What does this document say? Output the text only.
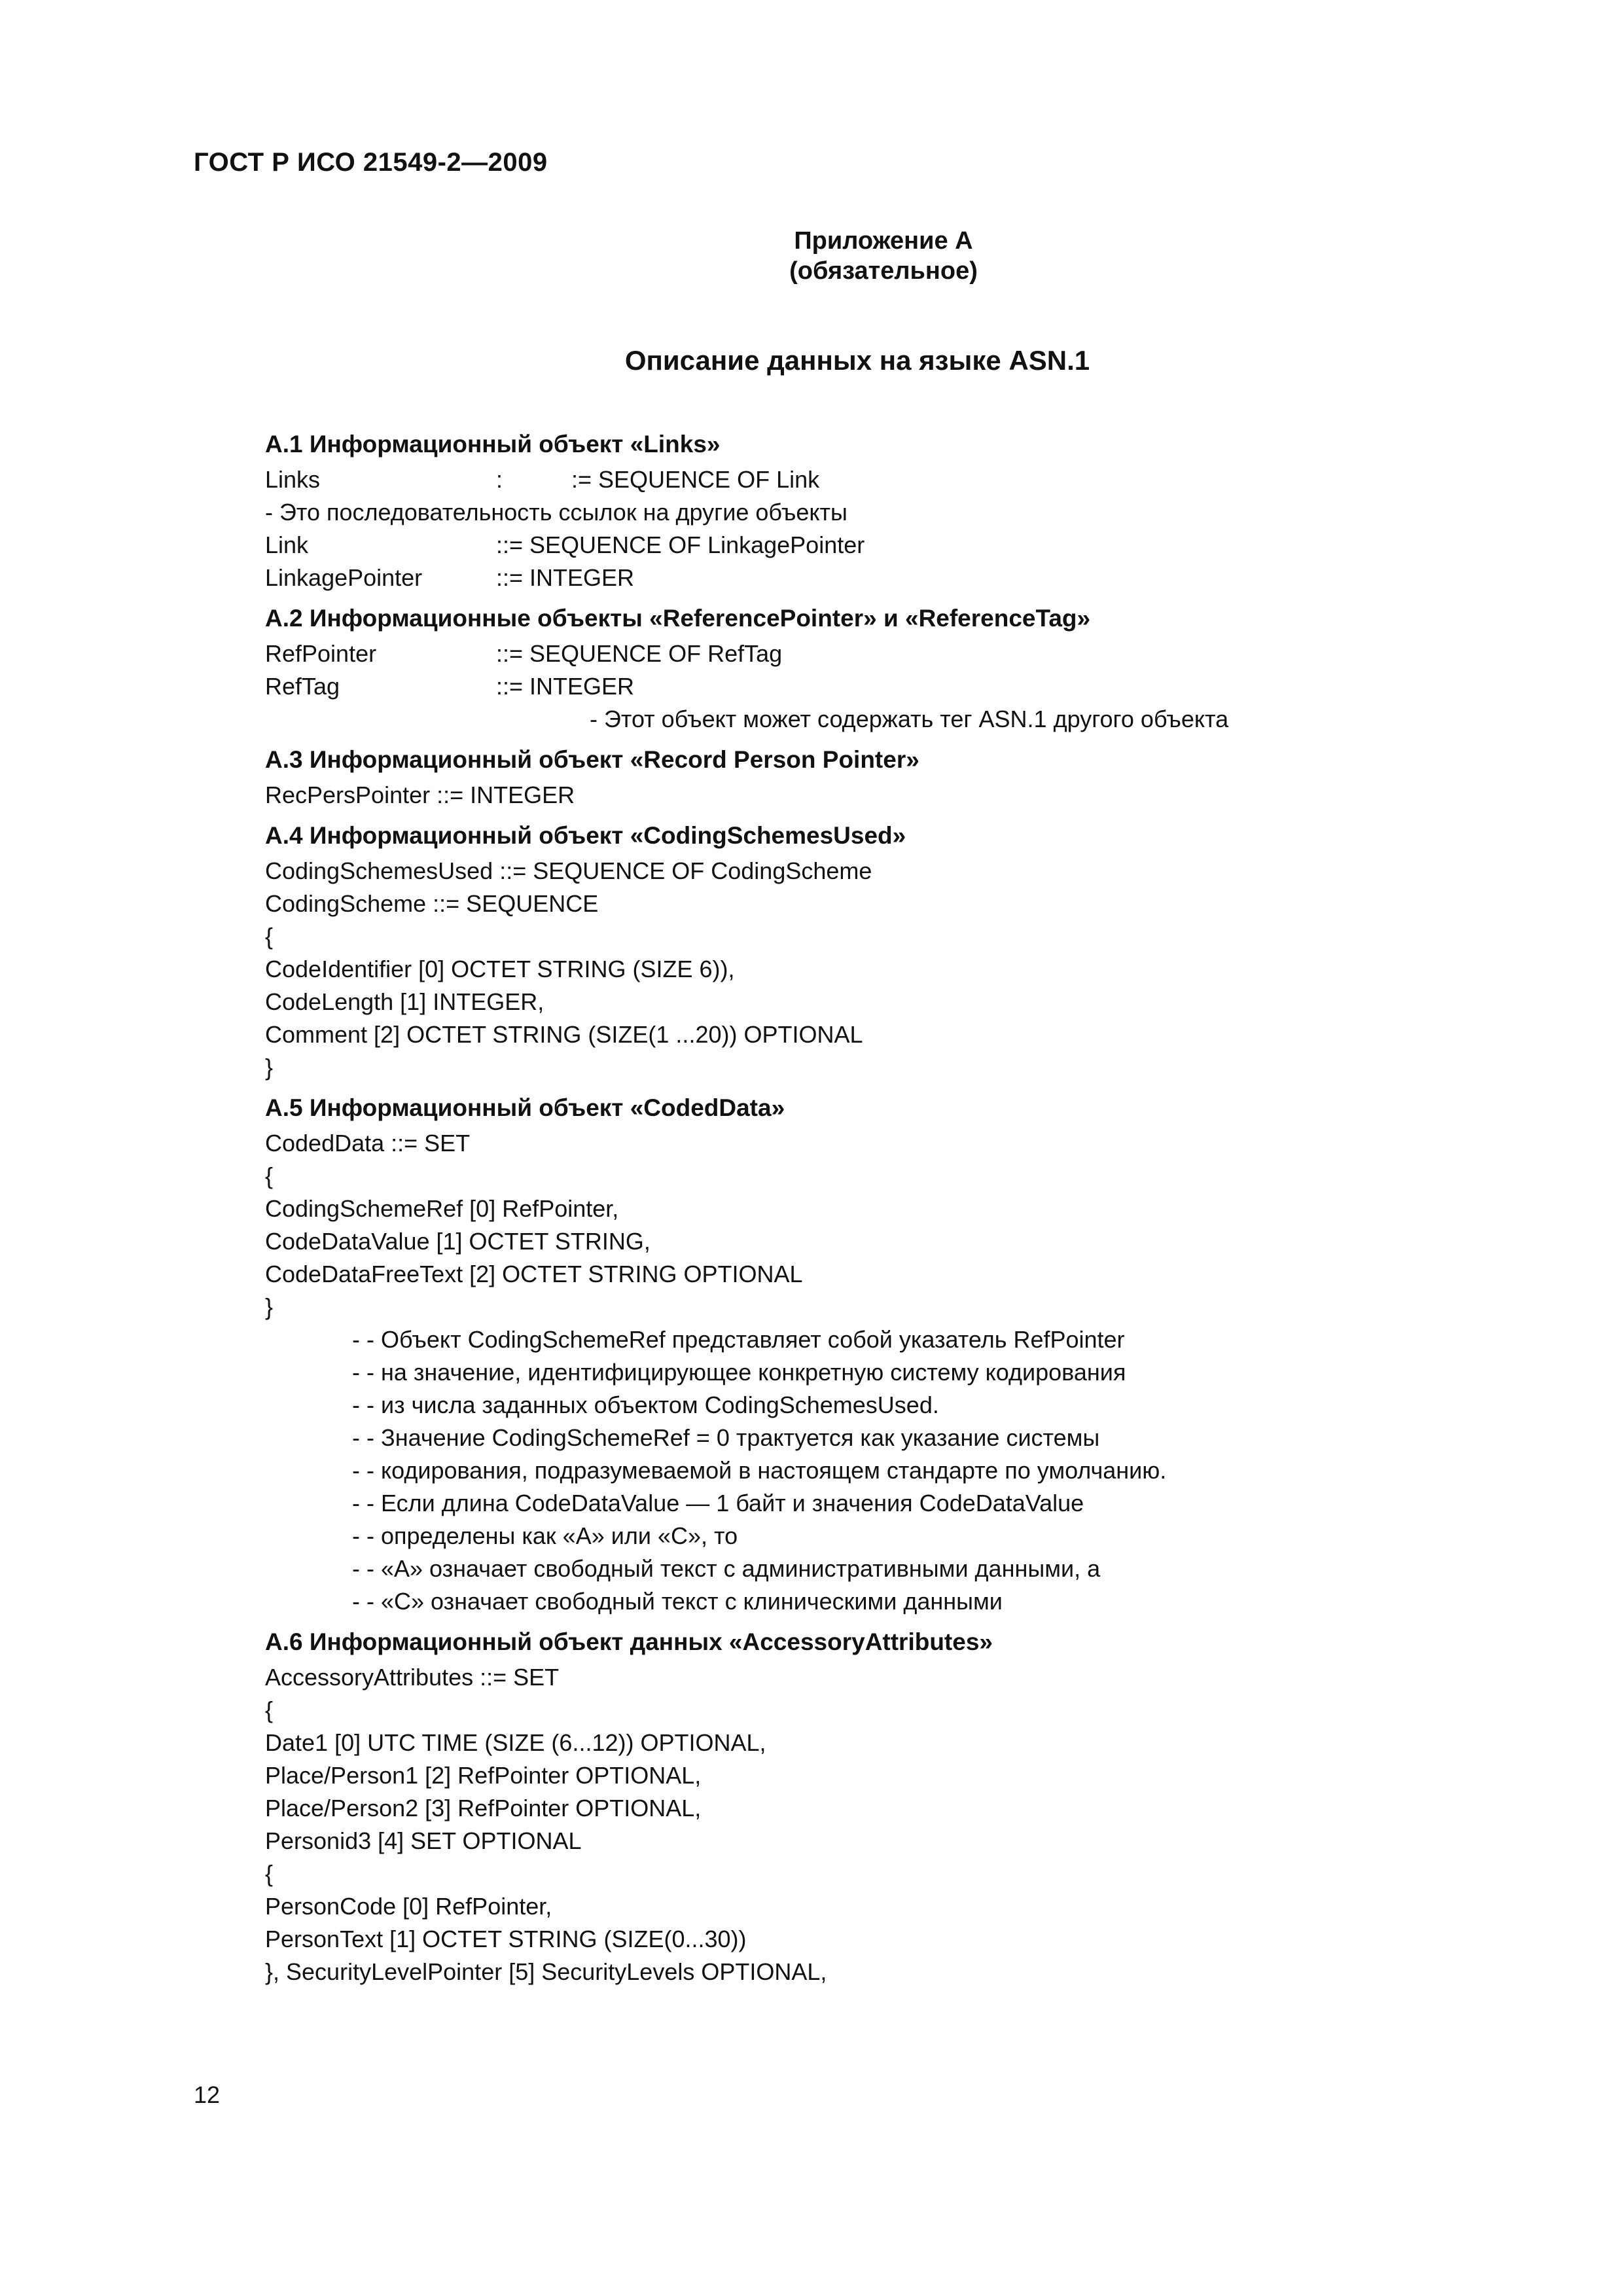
ГОСТ Р ИСО 21549-2—2009
Приложение А
(обязательное)
Описание данных на языке ASN.1
А.1 Информационный объект «Links»
Links	:	:= SEQUENCE OF Link
- Это последовательность ссылок на другие объекты
Link	::= SEQUENCE OF LinkagePointer
LinkagePointer	::= INTEGER
А.2 Информационные объекты «ReferencePointer» и «ReferenceTag»
RefPointer	::= SEQUENCE OF RefTag
RefTag	::= INTEGER
- Этот объект может содержать тег ASN.1 другого объекта
А.3 Информационный объект «Record Person Pointer»
RecPersPointer ::= INTEGER
А.4 Информационный объект «CodingSchemesUsed»
CodingSchemesUsed ::= SEQUENCE OF CodingScheme
CodingScheme ::= SEQUENCE
{
CodeIdentifier [0] OCTET STRING (SIZE 6)),
CodeLength [1] INTEGER,
Comment [2] OCTET STRING (SIZE(1 ...20)) OPTIONAL
}
А.5 Информационный объект «CodedData»
CodedData ::= SET
{
CodingSchemeRef [0] RefPointer,
CodeDataValue [1] OCTET STRING,
CodeDataFreeText [2] OCTET STRING OPTIONAL
}
- - Объект CodingSchemeRef представляет собой указатель RefPointer
- - на значение, идентифицирующее конкретную систему кодирования
- - из числа заданных объектом CodingSchemesUsed.
- - Значение CodingSchemeRef = 0 трактуется как указание системы
- - кодирования, подразумеваемой в настоящем стандарте по умолчанию.
- - Если длина CodeDataValue — 1 байт и значения CodeDataValue
- - определены как «А» или «С», то
- - «А» означает свободный текст с административными данными, а
- - «С» означает свободный текст с клиническими данными
А.6 Информационный объект данных «AccessoryAttributes»
AccessoryAttributes ::= SET
{
Date1 [0] UTC TIME (SIZE (6...12)) OPTIONAL,
Place/Person1 [2] RefPointer OPTIONAL,
Place/Person2 [3] RefPointer OPTIONAL,
Personid3 [4] SET OPTIONAL
{
PersonCode [0] RefPointer,
PersonText [1] OCTET STRING (SIZE(0...30))
}, SecurityLevelPointer [5] SecurityLevels OPTIONAL,
12
